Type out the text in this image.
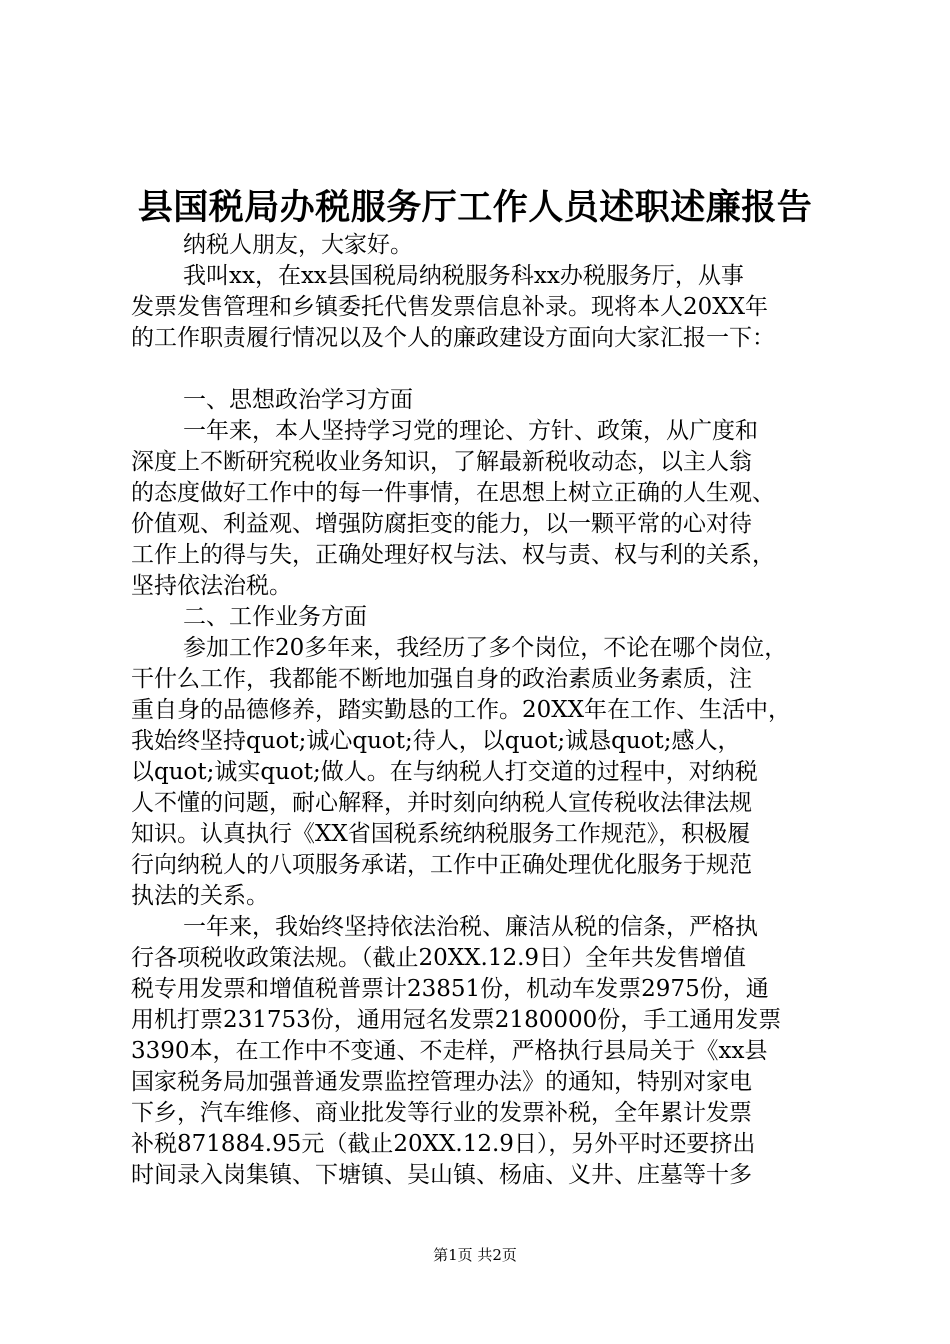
县国税局办税服务厅工作人员述职述廉报告
纳税人朋友，大家好。
我叫xx，在xx县国税局纳税服务科xx办税服务厅，从事
发票发售管理和乡镇委托代售发票信息补录。现将本人20XX年
的工作职责履行情况以及个人的廉政建设方面向大家汇报一下：
一、思想政治学习方面
一年来，本人坚持学习党的理论、方针、政策，从广度和
深度上不断研究税收业务知识，了解最新税收动态，以主人翁
的态度做好工作中的每一件事情，在思想上树立正确的人生观、
价值观、利益观、增强防腐拒变的能力，以一颗平常的心对待
工作上的得与失，正确处理好权与法、权与责、权与利的关系，
坚持依法治税。
二、工作业务方面
参加工作20多年来，我经历了多个岗位，不论在哪个岗位，
干什么工作，我都能不断地加强自身的政治素质业务素质，注
重自身的品德修养，踏实勤恳的工作。20XX年在工作、生活中，
我始终坚持quot;诚心quot;待人，以quot;诚恳quot;感人，
以quot;诚实quot;做人。在与纳税人打交道的过程中，对纳税
人不懂的问题，耐心解释，并时刻向纳税人宣传税收法律法规
知识。认真执行《XX省国税系统纳税服务工作规范》，积极履
行向纳税人的八项服务承诺，工作中正确处理优化服务于规范
执法的关系。
一年来，我始终坚持依法治税、廉洁从税的信条，严格执
行各项税收政策法规。（截止20XX.12.9日）全年共发售增值
税专用发票和增值税普票计23851份，机动车发票2975份，通
用机打票231753份，通用冠名发票2180000份，手工通用发票
3390本，在工作中不变通、不走样，严格执行县局关于《xx县
国家税务局加强普通发票监控管理办法》的通知，特别对家电
下乡，汽车维修、商业批发等行业的发票补税，全年累计发票
补税871884.95元（截止20XX.12.9日），另外平时还要挤出
时间录入岗集镇、下塘镇、吴山镇、杨庙、义井、庄墓等十多
第1页 共2页
